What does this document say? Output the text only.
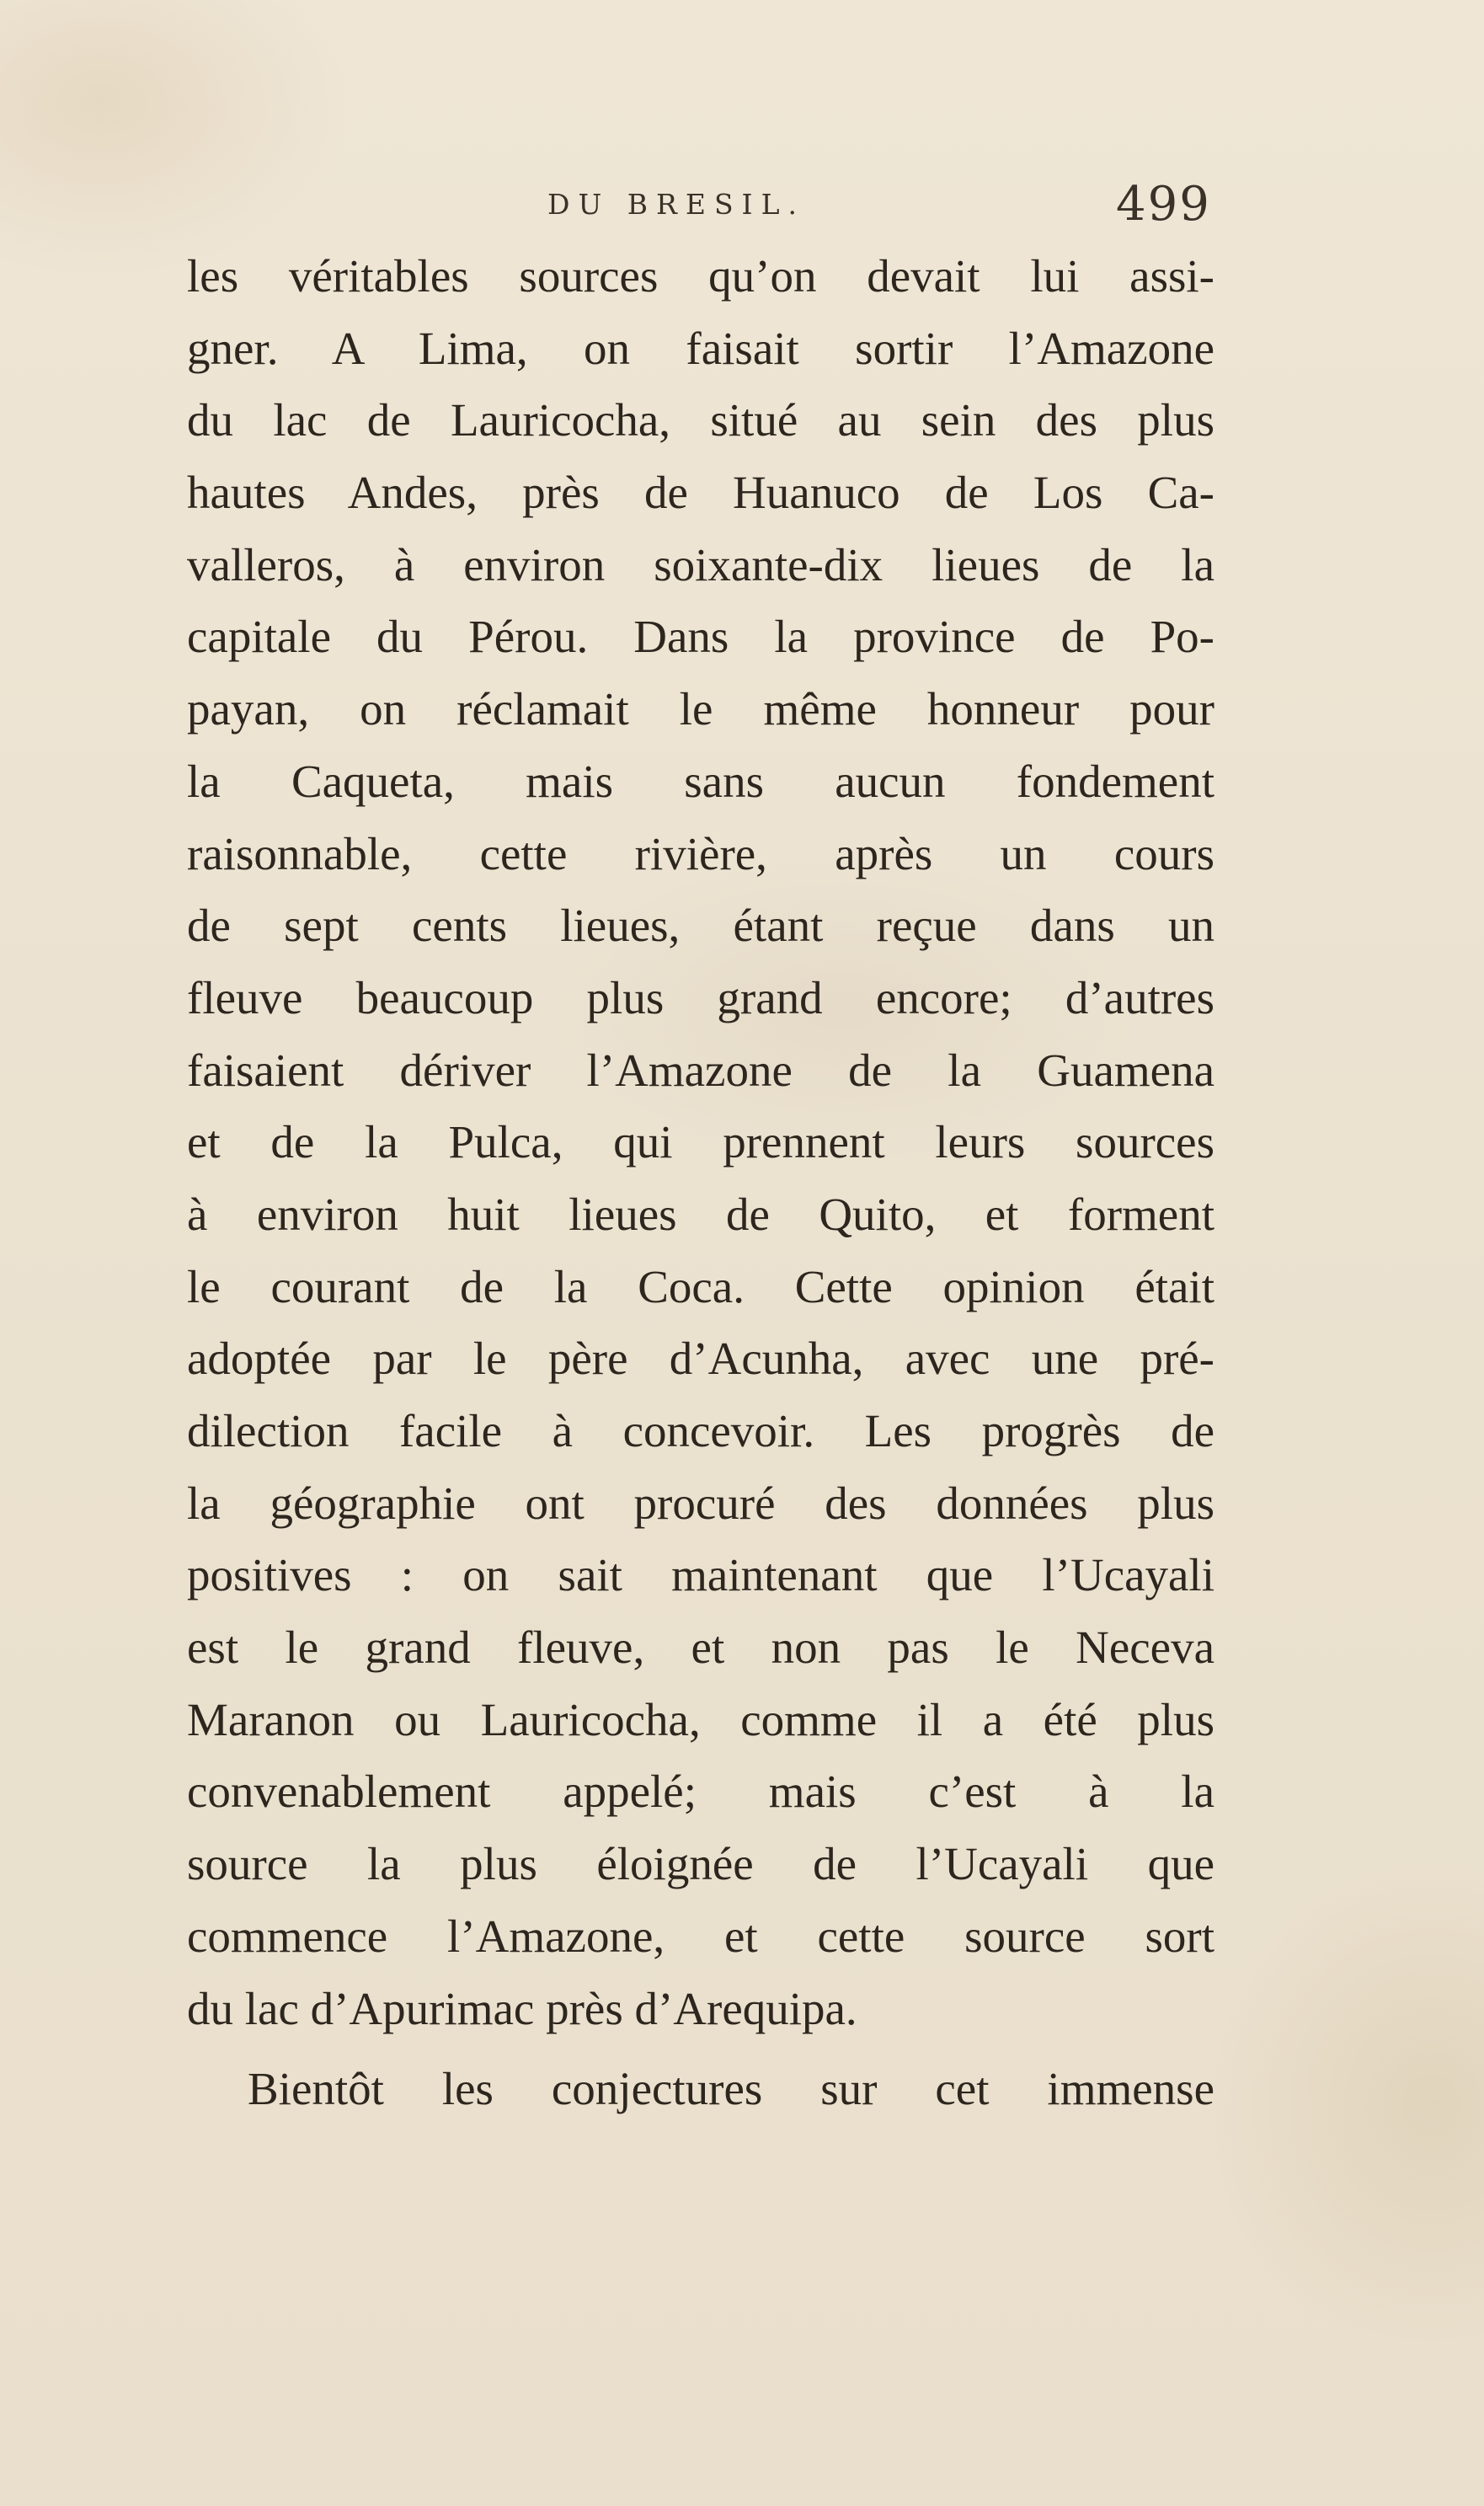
DU BRESIL.	499
les véritables sources qu’on devait lui assi-
gner. A Lima, on faisait sortir l’Amazone
du lac de Lauricocha, situé au sein des plus
hautes Andes, près de Huanuco de Los Ca-
valleros, à environ soixante-dix lieues de la
capitale du Pérou. Dans la province de Po-
payan, on réclamait le même honneur pour
la Caqueta, mais sans aucun fondement
raisonnable, cette rivière, après un cours
de sept cents lieues, étant reçue dans un
fleuve beaucoup plus grand encore; d’autres
faisaient dériver l’Amazone de la Guamena
et de la Pulca, qui prennent leurs sources
à environ huit lieues de Quito, et forment
le courant de la Coca. Cette opinion était
adoptée par le père d’Acunha, avec une pré-
dilection facile à concevoir. Les progrès de
la géographie ont procuré des données plus
positives : on sait maintenant que l’Ucayali
est le grand fleuve, et non pas le Neceva
Maranon ou Lauricocha, comme il a été plus
convenablement appelé; mais c’est à la
source la plus éloignée de l’Ucayali que
commence l’Amazone, et cette source sort
du lac d’Apurimac près d’Arequipa.
Bientôt les conjectures sur cet immense
